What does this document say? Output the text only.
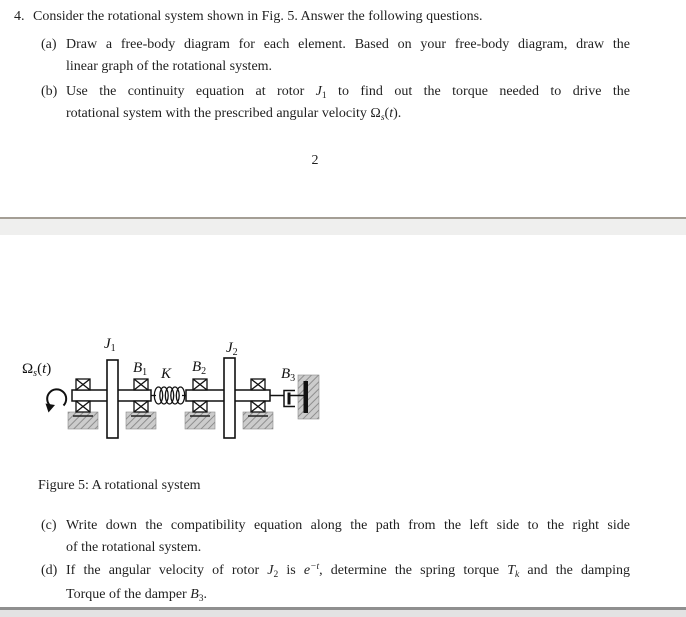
4. Consider the rotational system shown in Fig. 5. Answer the following questions.
(a) Draw a free-body diagram for each element. Based on your free-body diagram, draw the
linear graph of the rotational system.
(b) Use the continuity equation at rotor $J_1$ to find out the torque needed to drive the
rotational system with the prescribed angular velocity $\Omega_s(t)$.
2
$\Omega_s(t)$
$J_1$
$B_1$ K $B_2$
$J_2$
$B_3$
Figure 5: A rotational system
(c) Write down the compatibility equation along the path from the left side to the right side
of the rotational system.
(d) If the angular velocity of rotor $J_2$ is $e^{-t}$, determine the spring torque $T_k$ and the damping
Torque of the damper $B_3$.
